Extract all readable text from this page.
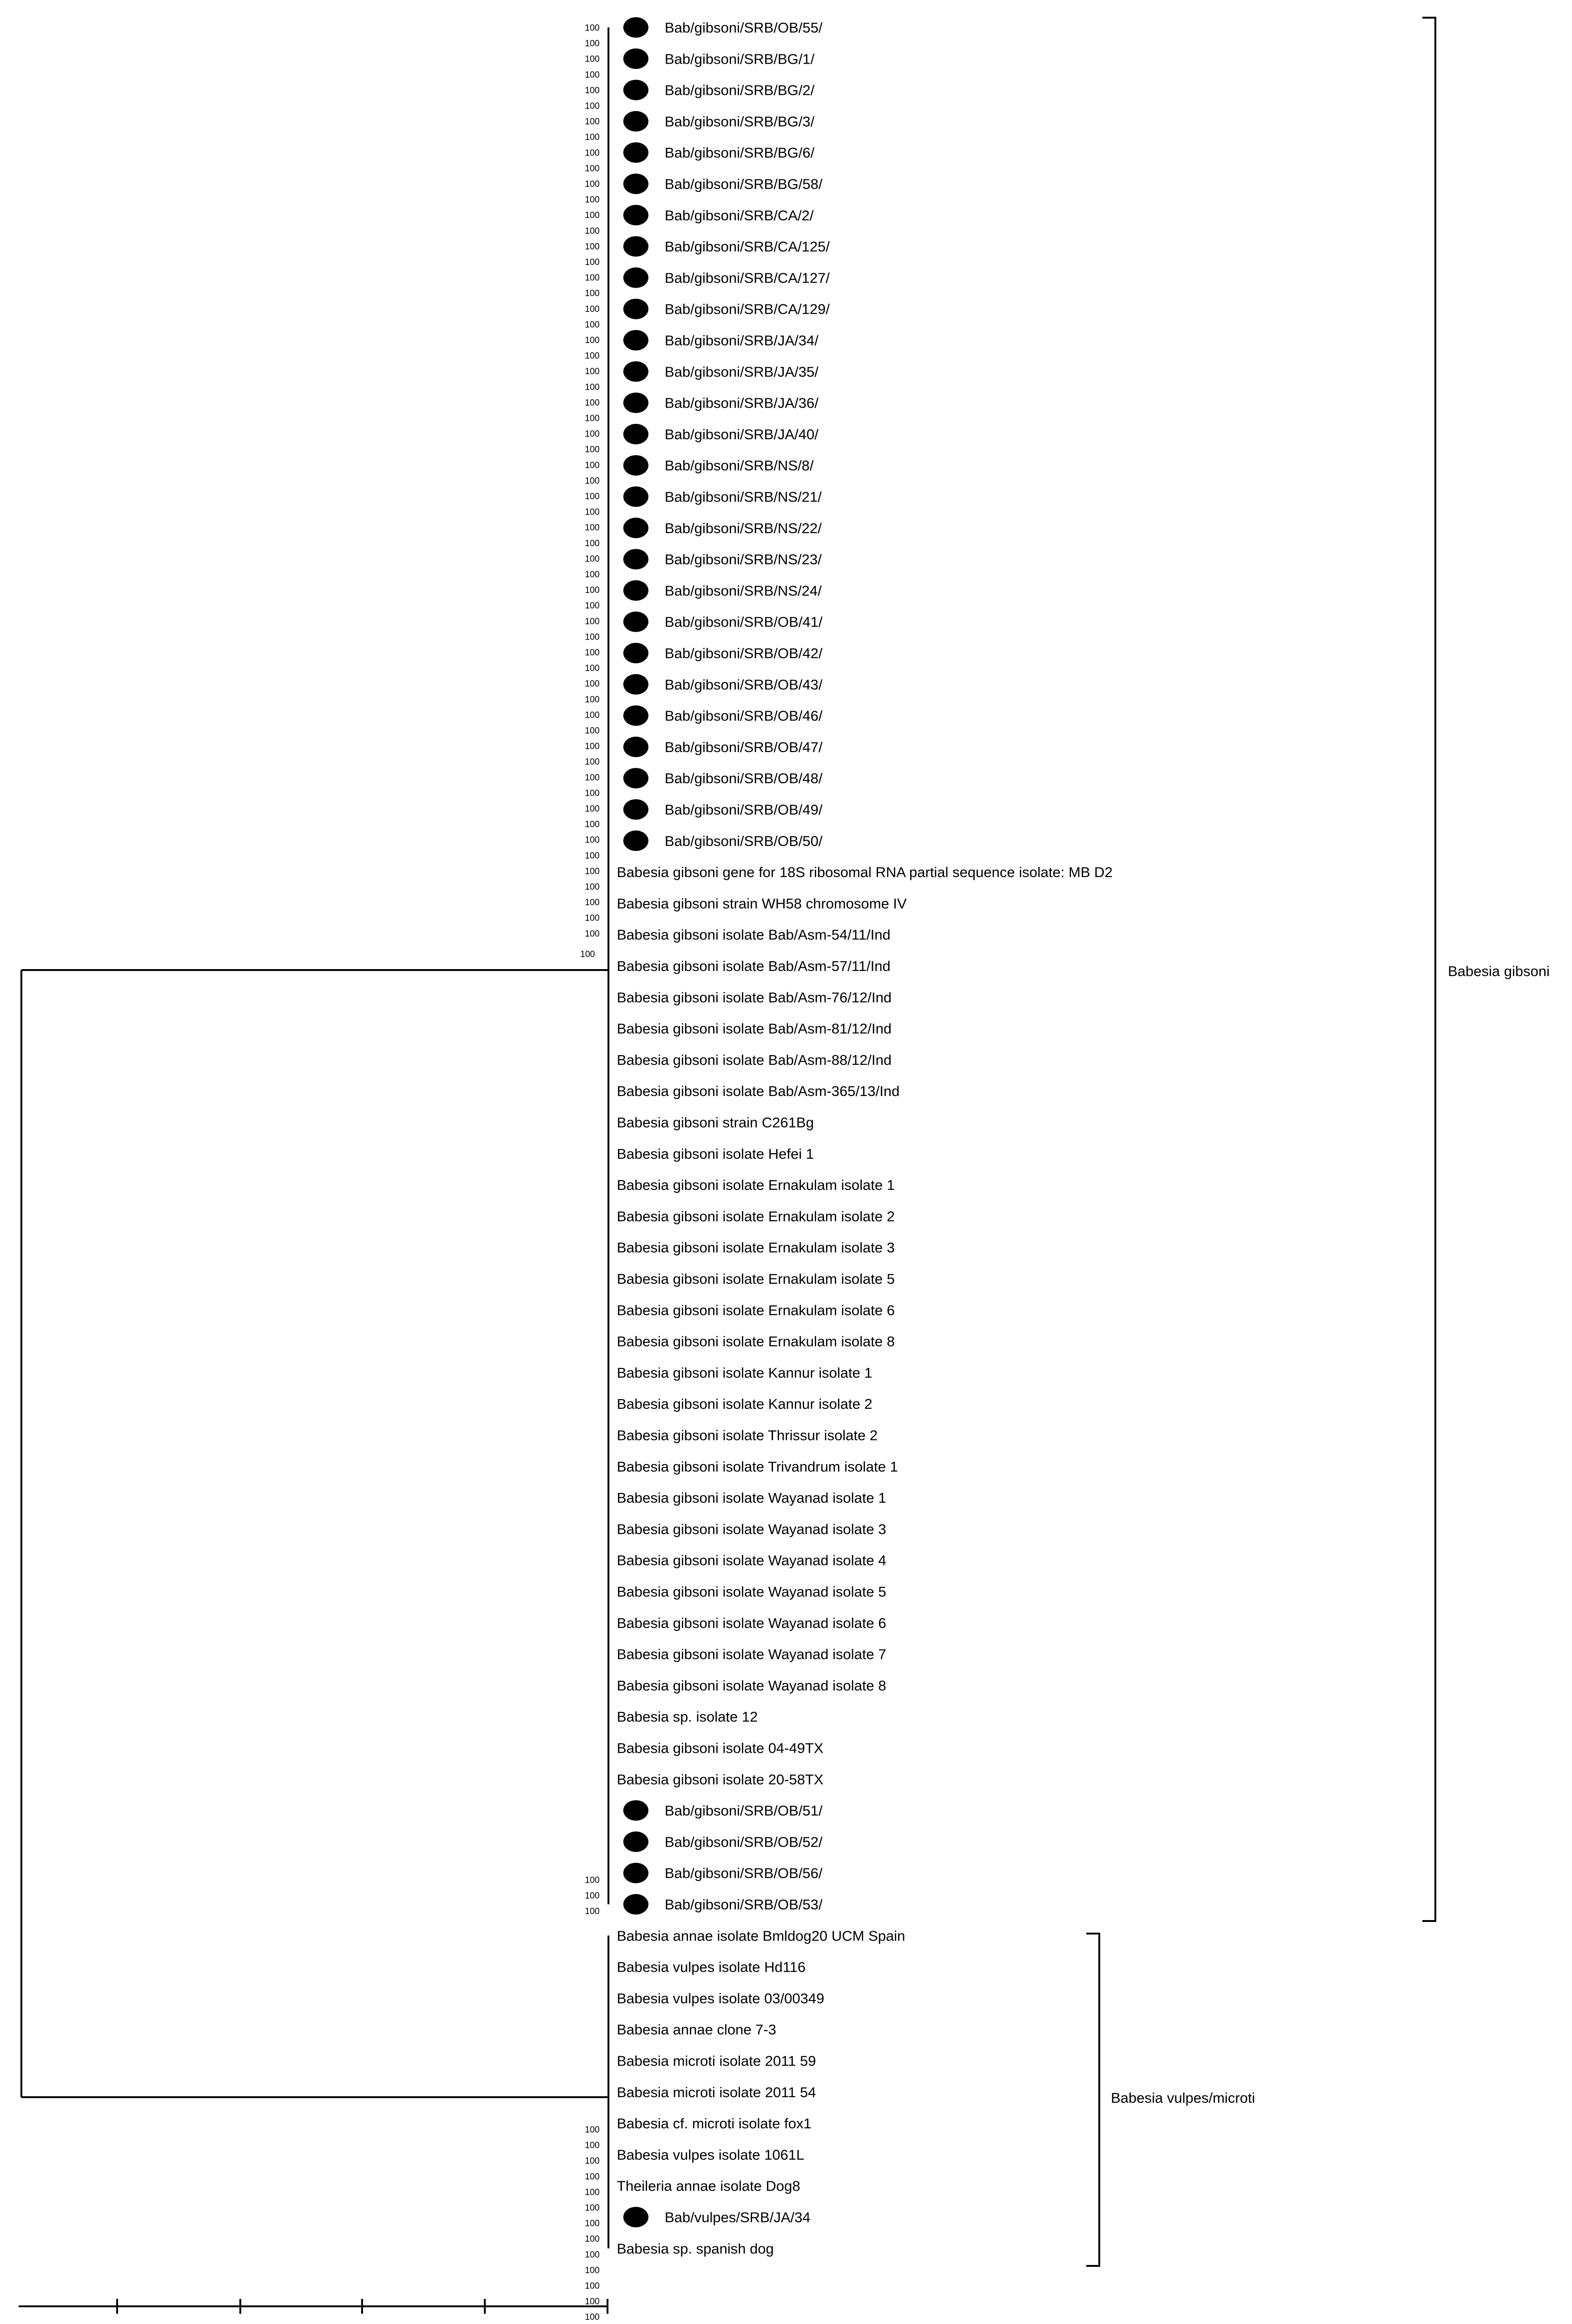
Bab/gibsoni/SRB/OB/55/
Bab/gibsoni/SRB/BG/1/
Bab/gibsoni/SRB/BG/2/
Bab/gibsoni/SRB/BG/3/
Bab/gibsoni/SRB/BG/6/
Bab/gibsoni/SRB/BG/58/
Bab/gibsoni/SRB/CA/2/
Bab/gibsoni/SRB/CA/125/
Bab/gibsoni/SRB/CA/127/
Bab/gibsoni/SRB/CA/129/
Bab/gibsoni/SRB/JA/34/
Bab/gibsoni/SRB/JA/35/
Bab/gibsoni/SRB/JA/36/
Bab/gibsoni/SRB/JA/40/
Bab/gibsoni/SRB/NS/8/
Bab/gibsoni/SRB/NS/21/
Bab/gibsoni/SRB/NS/22/
Bab/gibsoni/SRB/NS/23/
Bab/gibsoni/SRB/NS/24/
Bab/gibsoni/SRB/OB/41/
Bab/gibsoni/SRB/OB/42/
Bab/gibsoni/SRB/OB/43/
Bab/gibsoni/SRB/OB/46/
Bab/gibsoni/SRB/OB/47/
Bab/gibsoni/SRB/OB/48/
Bab/gibsoni/SRB/OB/49/
Bab/gibsoni/SRB/OB/50/
Babesia gibsoni gene for 18S ribosomal RNA partial sequence isolate: MB D2
Babesia gibsoni strain WH58 chromosome IV
Babesia gibsoni isolate Bab/Asm-54/11/Ind
Babesia gibsoni isolate Bab/Asm-57/11/Ind
Babesia gibsoni isolate Bab/Asm-76/12/Ind
Babesia gibsoni isolate Bab/Asm-81/12/Ind
Babesia gibsoni isolate Bab/Asm-88/12/Ind
Babesia gibsoni isolate Bab/Asm-365/13/Ind
Babesia gibsoni strain C261Bg
Babesia gibsoni isolate Hefei 1
Babesia gibsoni isolate Ernakulam isolate 1
Babesia gibsoni isolate Ernakulam isolate 2
Babesia gibsoni isolate Ernakulam isolate 3
Babesia gibsoni isolate Ernakulam isolate 5
Babesia gibsoni isolate Ernakulam isolate 6
Babesia gibsoni isolate Ernakulam isolate 8
Babesia gibsoni isolate Kannur isolate 1
Babesia gibsoni isolate Kannur isolate 2
Babesia gibsoni isolate Thrissur isolate 2
Babesia gibsoni isolate Trivandrum isolate 1
Babesia gibsoni isolate Wayanad isolate 1
Babesia gibsoni isolate Wayanad isolate 3
Babesia gibsoni isolate Wayanad isolate 4
Babesia gibsoni isolate Wayanad isolate 5
Babesia gibsoni isolate Wayanad isolate 6
Babesia gibsoni isolate Wayanad isolate 7
Babesia gibsoni isolate Wayanad isolate 8
Babesia sp. isolate 12
Babesia gibsoni isolate 04-49TX
Babesia gibsoni isolate 20-58TX
Bab/gibsoni/SRB/OB/51/
Bab/gibsoni/SRB/OB/52/
Bab/gibsoni/SRB/OB/56/
Bab/gibsoni/SRB/OB/53/
Babesia annae isolate Bmldog20 UCM Spain
Babesia vulpes isolate Hd116
Babesia vulpes isolate 03/00349
Babesia annae clone 7-3
Babesia microti isolate 2011 59
Babesia microti isolate 2011 54
Babesia cf. microti isolate fox1
Babesia vulpes isolate 1061L
Theileria annae isolate Dog8
Bab/vulpes/SRB/JA/34
Babesia sp. spanish dog
100
100
100
100
100
100
100
100
100
100
100
100
100
100
100
100
100
100
100
100
100
100
100
100
100
100
100
100
100
100
100
100
100
100
100
100
100
100
100
100
100
100
100
100
100
100
100
100
100
100
100
100
100
100
100
100
100
100
100
100
100
100
100
100
100
100
100
100
100
100
100
100
100
100
100
100
Babesia gibsoni
Babesia vulpes/microti
